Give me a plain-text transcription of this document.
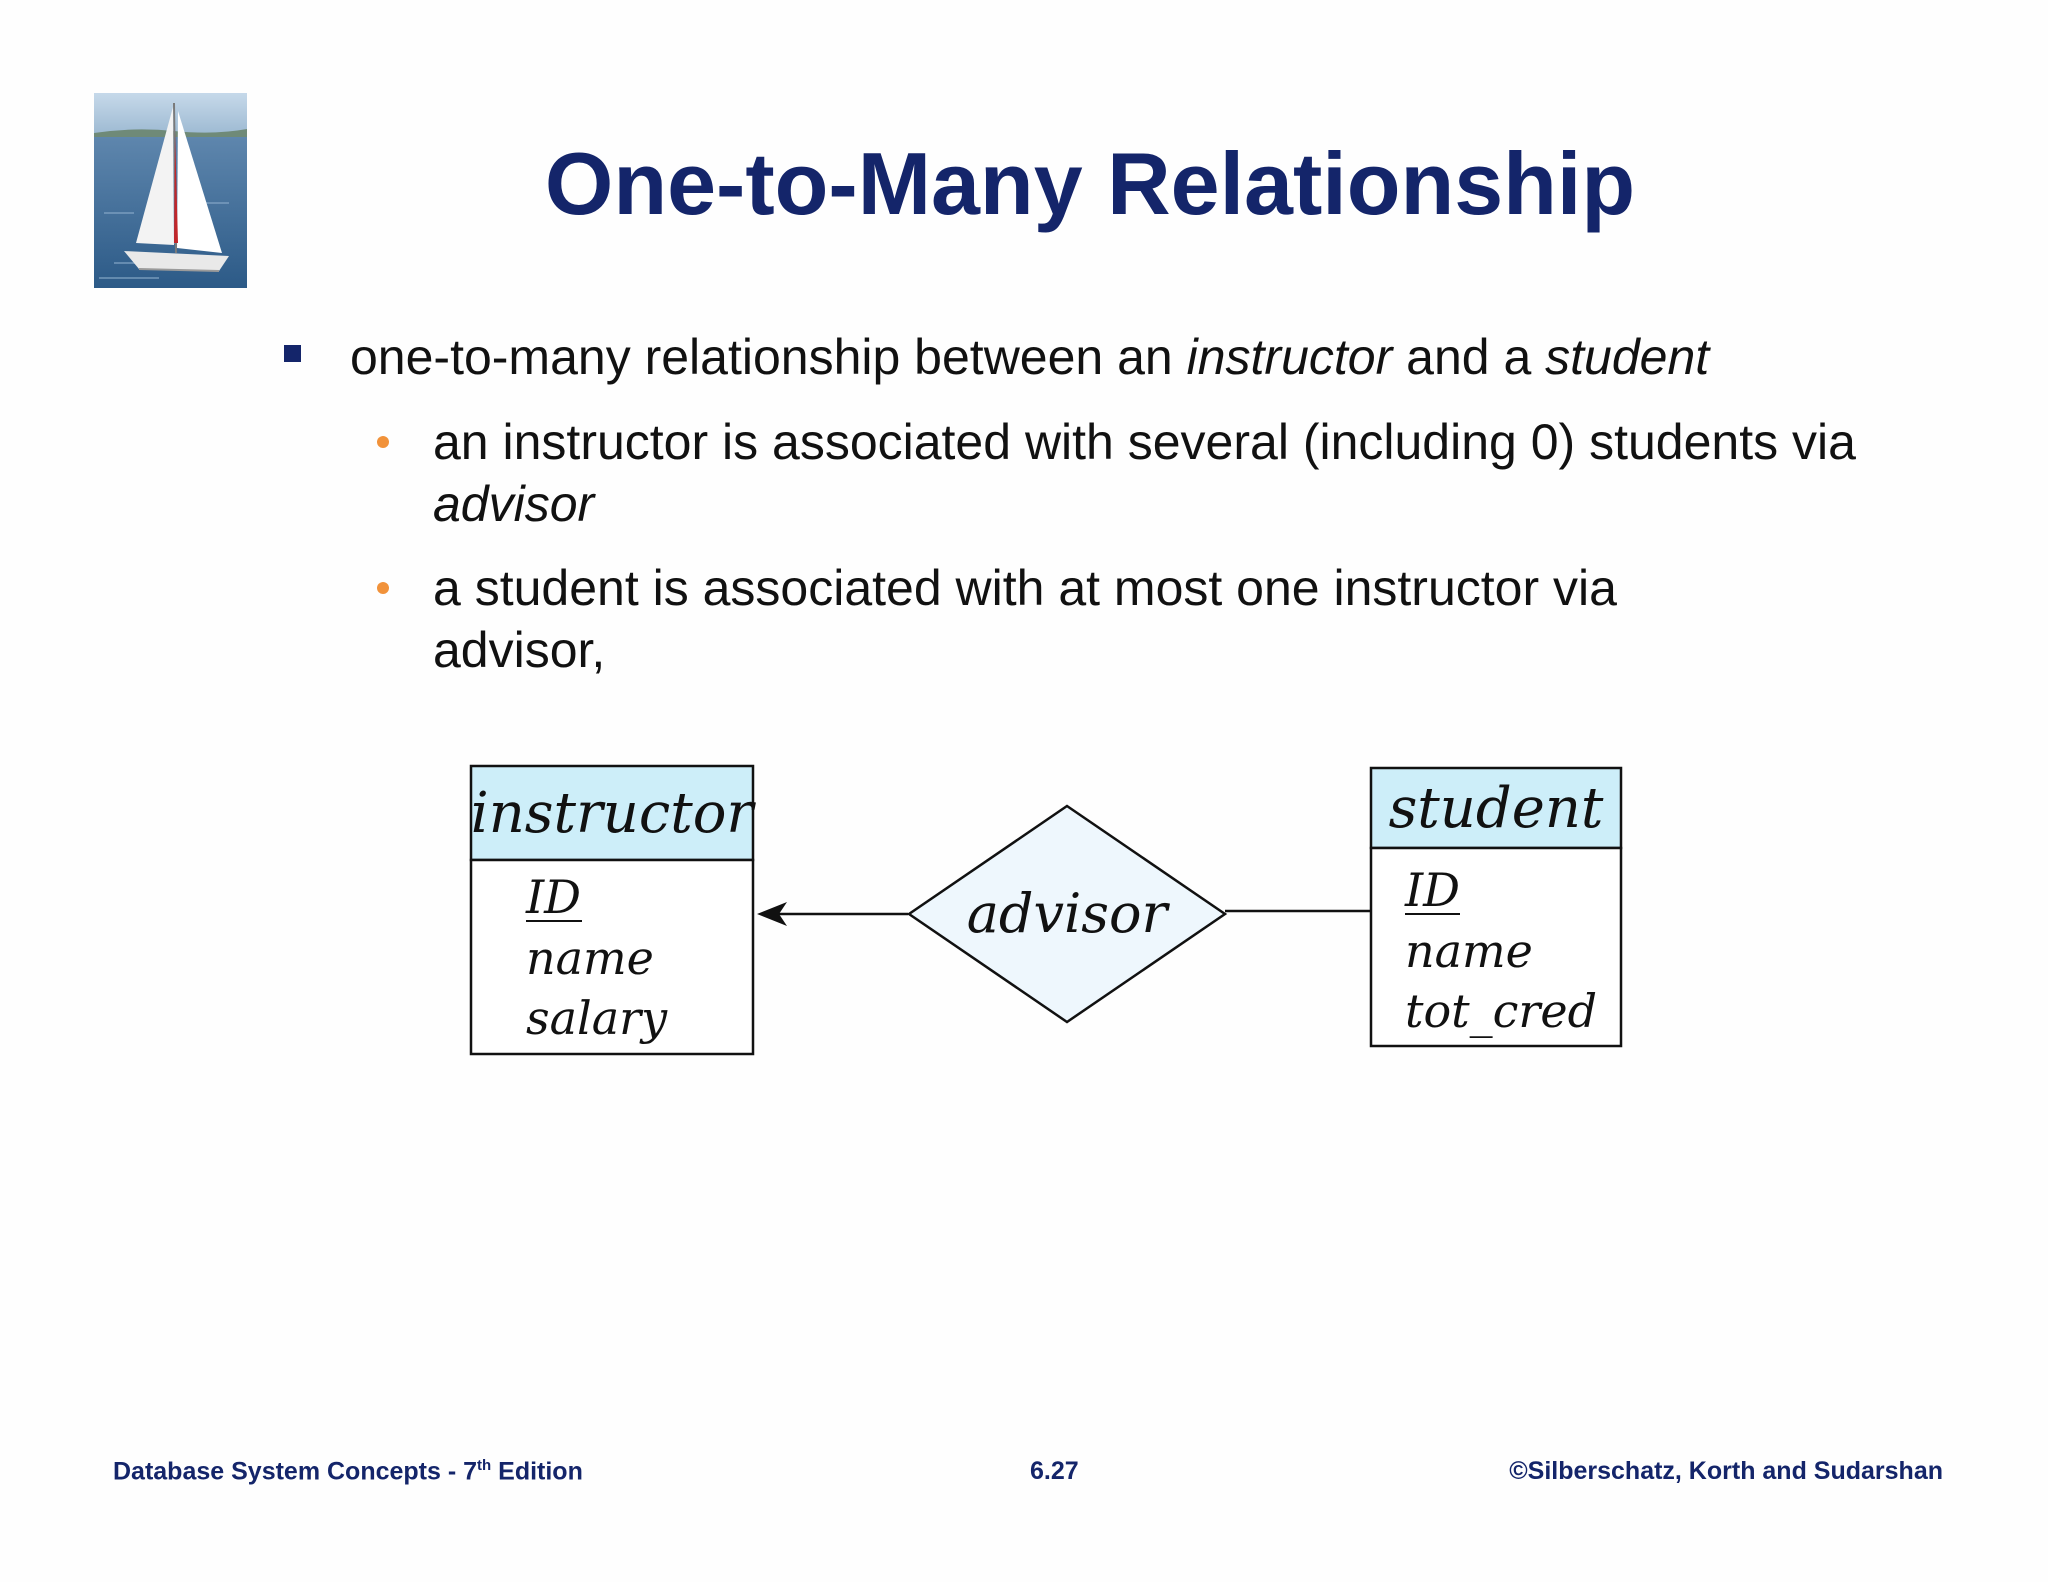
One-to-Many Relationship
one-to-many relationship between an instructor and a student
an instructor is associated with several (including 0) students via advisor
a student is associated with at most one instructor via advisor,
instructor
ID
name
salary
advisor
student
ID
name
tot_cred
Database System Concepts - 7th Edition	6.27	©Silberschatz, Korth and Sudarshan
